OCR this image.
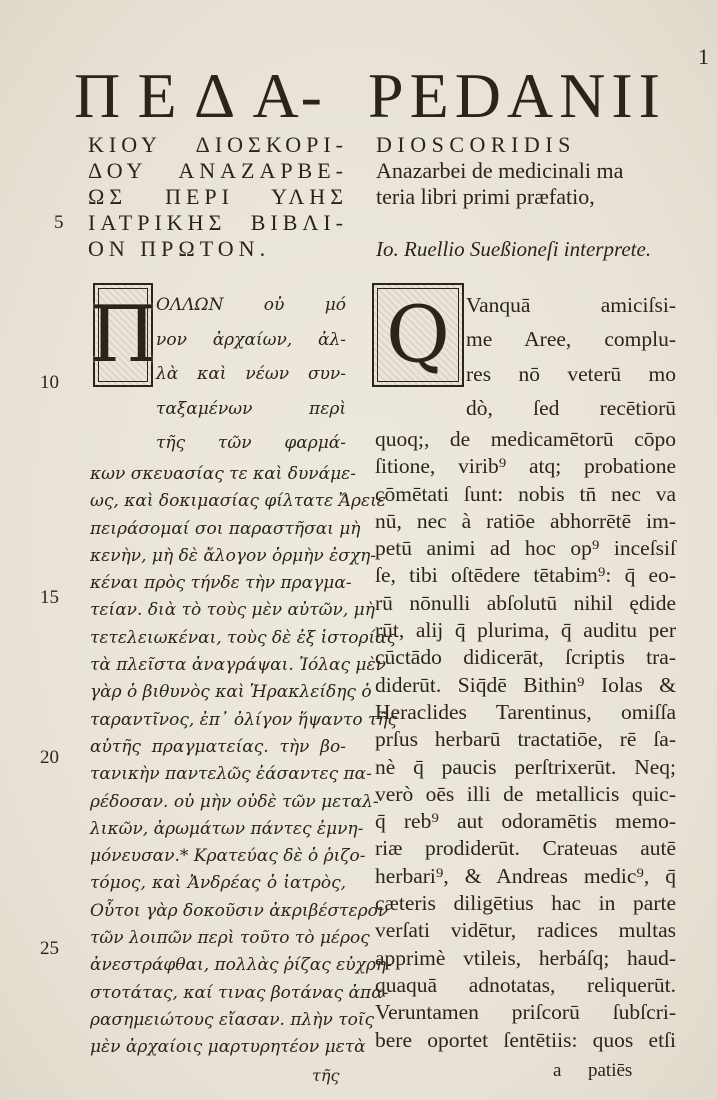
1
Π Ε Δ Α- PEDANII
ΚΙΟΥ ΔΙΟΣΚΟΡΙ-
ΔΟΥ ΑΝΑΖΑΡΒΕ-
ΩΣ ΠΕΡΙ ΥΛΗΣ
ΙΑΤΡΙΚΗΣ ΒΙΒΛΙ-
ΟΝ ΠΡΩΤΟΝ.
DIOSCORIDIS
Anazarbei de medicinali ma
teria libri primi præfatio,
Io. Ruellio Sueßioneſi interprete.
5
10
15
20
25
Π	Q
ΟΛΛΩΝ οὐ μό
νον ἀρχαίων, ἀλ-
λὰ καὶ νέων συν-
ταξαμένων περὶ
τῆς τῶν φαρμά-
κων σκευασίας τε καὶ δυνάμε-
ως, καὶ δοκιμασίας φίλτατε Ἄρειε
πειράσομαί σοι παραστῆσαι μὴ
κενὴν, μὴ δὲ ἄλογον ὁρμὴν ἐσχη-
κέναι πρὸς τήνδε τὴν πραγμα-
τείαν. διὰ τὸ τοὺς μὲν αὐτῶν, μὴ
τετελειωκέναι, τοὺς δὲ ἐξ ἱστορίας
τὰ πλεῖστα ἀναγράψαι. Ἰόλας μὲν
γὰρ ὁ βιθυνὸς καὶ Ἡρακλείδης ὁ
ταραντῖνος, ἐπ᾽ ὀλίγον ἥψαντο τῆς
αὐτῆς πραγματείας. τὴν βο-
τανικὴν παντελῶς ἐάσαντες πα-
ρέδοσαν. οὐ μὴν οὐδὲ τῶν μεταλ-
λικῶν, ἀρωμάτων πάντες ἐμνη-
μόνευσαν.* Κρατεύας δὲ ὁ ῥιζο-
τόμος, καὶ Ἀνδρέας ὁ ἰατρὸς,
Οὗτοι γὰρ δοκοῦσιν ἀκριβέστερον
τῶν λοιπῶν περὶ τοῦτο τὸ μέρος
ἀνεστράφθαι, πολλὰς ῥίζας εὐχρη-
στοτάτας, καί τινας βοτάνας ἀπα-
ρασημειώτους εἴασαν. πλὴν τοῖς
μὲν ἀρχαίοις μαρτυρητέον μετὰ
τῆς
Vanquā amiciſsi-
me Aree, complu-
res nō veterū mo
dò, ſed recētiorū
quoq;, de medicamētorū cōpo
ſitione, virib⁹ atq; probatione
cōmētati ſunt: nobis tn̄ nec va
nū, nec à ratiōe abhorrētē im-
petū animi ad hoc op⁹ inceſsiſ
ſe, tibi oſtēdere tētabim⁹: q̄ eo-
rū nōnulli abſolutū nihil ędide
rūt, alij q̄ plurima, q̄ auditu per
cūctādo didicerāt, ſcriptis tra-
diderūt. Siq̄dē Bithin⁹ Iolas &
Heraclides Tarentinus, omiſſa
prſus herbarū tractatiōe, rē ſa-
nè q̄ paucis perſtrixerūt. Neq;
verò oēs illi de metallicis quic-
q̄ reb⁹ aut odoramētis memo-
riæ prodiderūt. Crateuas autē
herbari⁹, & Andreas medic⁹, q̄
cæteris diligētius hac in parte
verſati vidētur, radices multas
apprimè vtileis, herbáſq; haud-
quaquā adnotatas, reliquerūt.
Veruntamen priſcorū ſubſcri-
bere oportet ſentētiis: quos etſi
a patiēs
